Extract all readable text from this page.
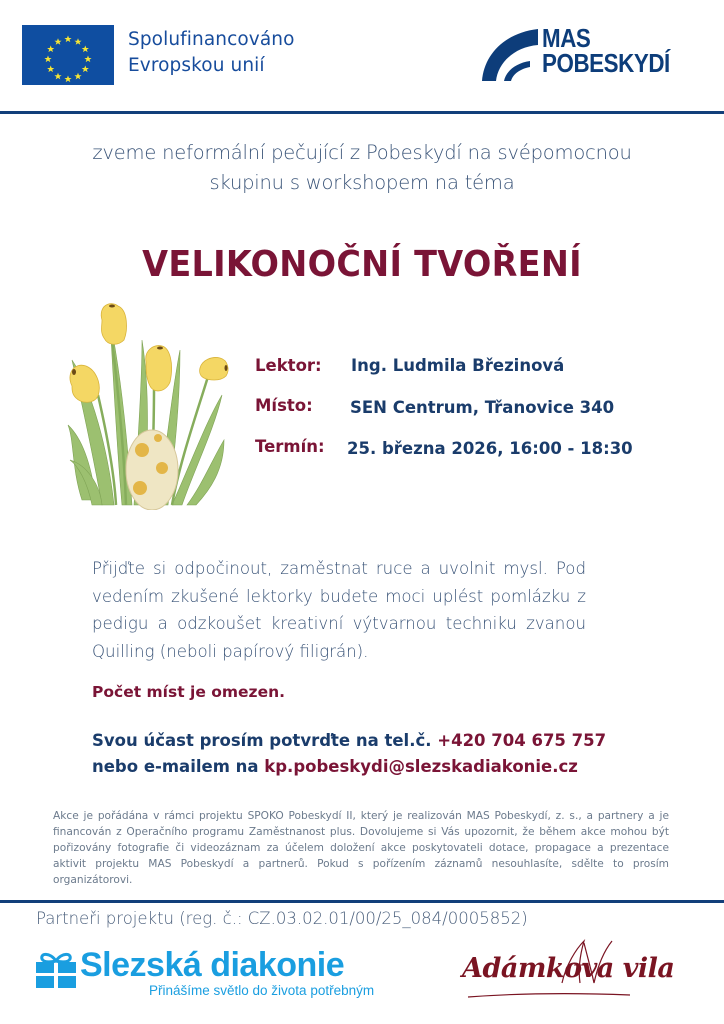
Spolufinancováno
Evropskou unií
MAS
POBESKYDÍ
zveme neformální pečující z Pobeskydí na svépomocnou
skupinu s workshopem na téma
VELIKONOČNÍ TVOŘENÍ
Lektor: Ing. Ludmila Březinová
Místo: SEN Centrum, Třanovice 340
Termín: 25. března 2026, 16:00 - 18:30
Přijďte si odpočinout, zaměstnat ruce a uvolnit mysl. Pod vedením zkušené lektorky budete moci uplést pomlázku z pedigu a odzkoušet kreativní výtvarnou techniku zvanou Quilling (neboli papírový filigrán).
Počet míst je omezen.
Svou účast prosím potvrďte na tel.č. +420 704 675 757
nebo e-mailem na kp.pobeskydi@slezskadiakonie.cz
Akce je pořádána v rámci projektu SPOKO Pobeskydí II, který je realizován MAS Pobeskydí, z. s., a partnery a je financován z Operačního programu Zaměstnanost plus. Dovolujeme si Vás upozornit, že během akce mohou být pořizovány fotografie či videozáznam za účelem doložení akce poskytovateli dotace, propagace a prezentace aktivit projektu MAS Pobeskydí a partnerů. Pokud s pořízením záznamů nesouhlasíte, sdělte to prosím organizátorovi.
Partneři projektu (reg. č.: CZ.03.02.01/00/25_084/0005852)
Slezská diakonie
Přinášíme světlo do života potřebným
Adámkova vila
